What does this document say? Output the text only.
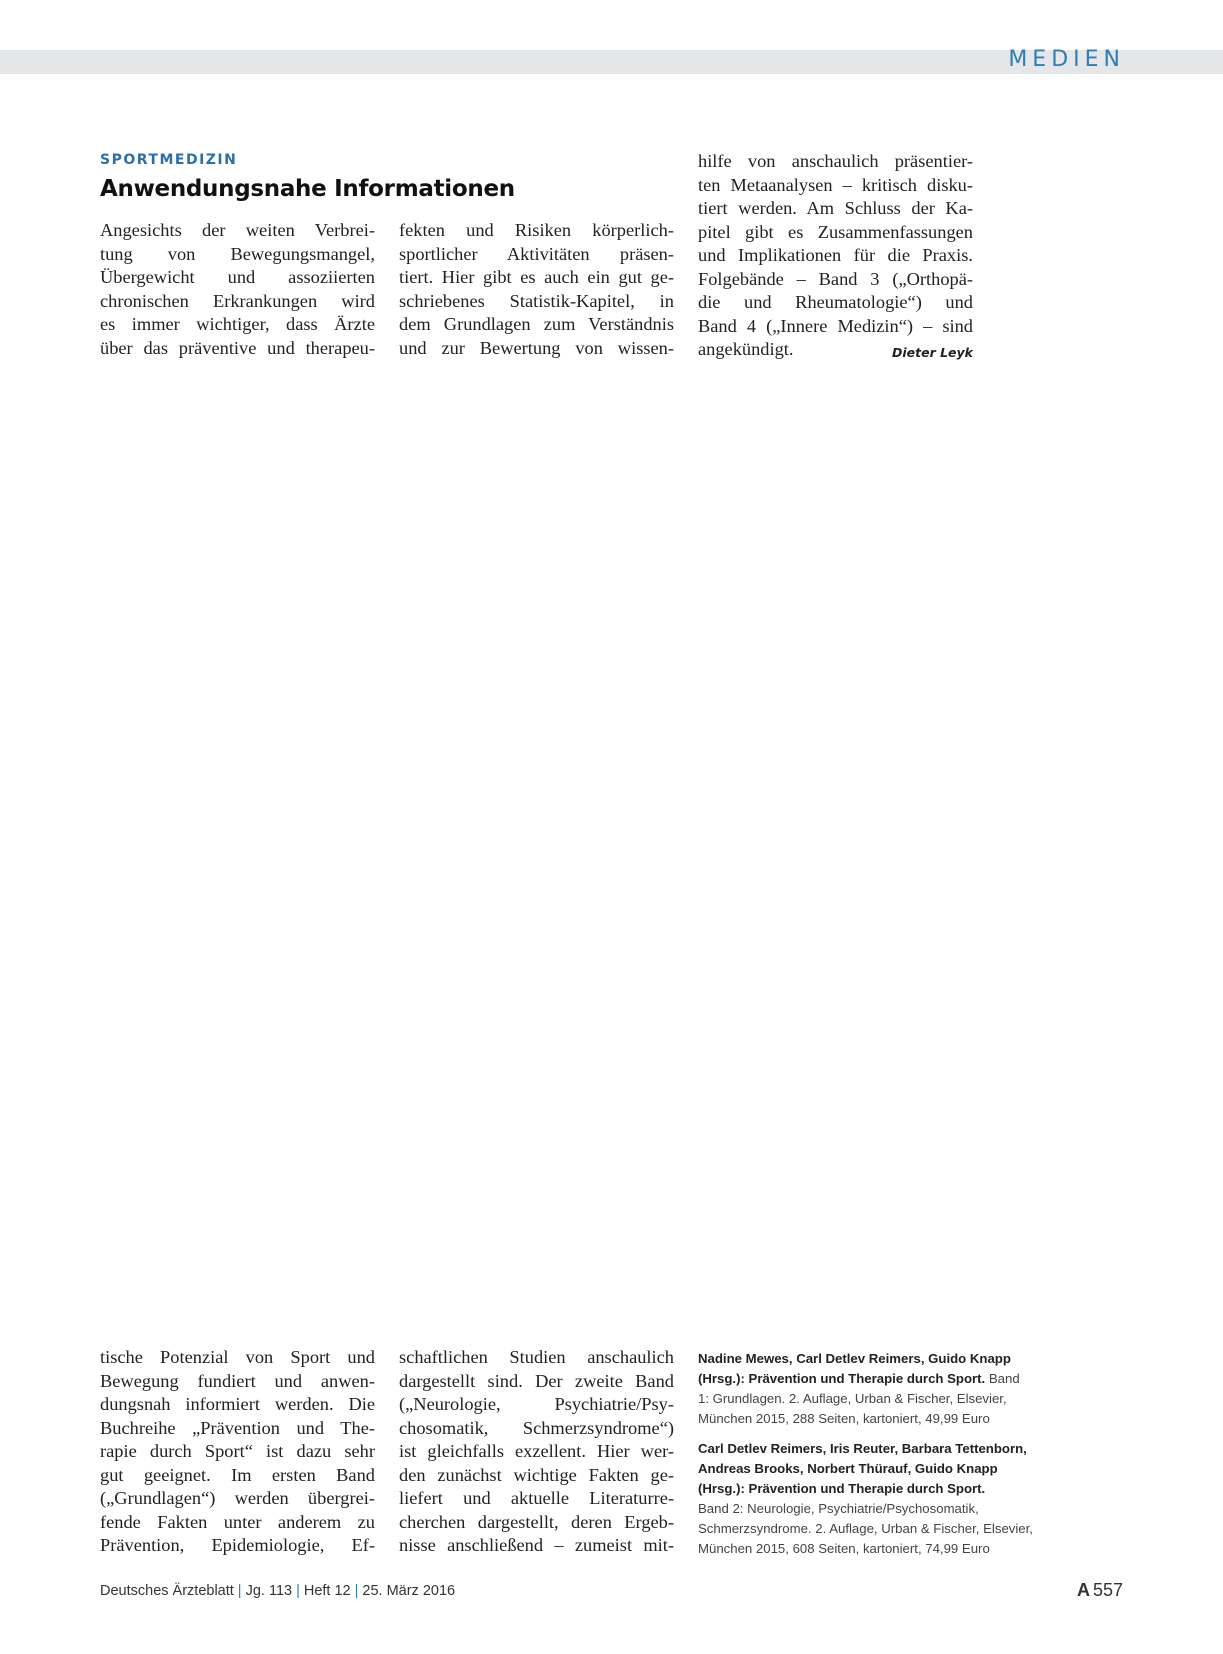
MEDIEN
SPORTMEDIZIN
Anwendungsnahe Informationen
Angesichts der weiten Verbrei-
tung von Bewegungsmangel,
Übergewicht und assoziierten
chronischen Erkrankungen wird
es immer wichtiger, dass Ärzte
über das präventive und therapeu-
fekten und Risiken körperlich-
sportlicher Aktivitäten präsen-
tiert. Hier gibt es auch ein gut ge-
schriebenes Statistik-Kapitel, in
dem Grundlagen zum Verständnis
und zur Bewertung von wissen-
hilfe von anschaulich präsentier-
ten Metaanalysen – kritisch disku-
tiert werden. Am Schluss der Ka-
pitel gibt es Zusammenfassungen
und Implikationen für die Praxis.
Folgebände – Band 3 („Orthopä-
die und Rheumatologie“) und
Band 4 („Innere Medizin“) – sind
angekündigt.	Dieter Leyk
tische Potenzial von Sport und
Bewegung fundiert und anwen-
dungsnah informiert werden. Die
Buchreihe „Prävention und The-
rapie durch Sport“ ist dazu sehr
gut geeignet. Im ersten Band
(„Grundlagen“) werden übergrei-
fende Fakten unter anderem zu
Prävention, Epidemiologie, Ef-
schaftlichen Studien anschaulich
dargestellt sind. Der zweite Band
(„Neurologie, Psychiatrie/Psy-
chosomatik, Schmerzsyndrome“)
ist gleichfalls exzellent. Hier wer-
den zunächst wichtige Fakten ge-
liefert und aktuelle Literaturre-
cherchen dargestellt, deren Ergeb-
nisse anschließend – zumeist mit-
Nadine Mewes, Carl Detlev Reimers, Guido Knapp
(Hrsg.): Prävention und Therapie durch Sport. Band
1: Grundlagen. 2. Auflage, Urban & Fischer, Elsevier,
München 2015, 288 Seiten, kartoniert, 49,99 Euro
Carl Detlev Reimers, Iris Reuter, Barbara Tettenborn,
Andreas Brooks, Norbert Thürauf, Guido Knapp
(Hrsg.): Prävention und Therapie durch Sport.
Band 2: Neurologie, Psychiatrie/Psychosomatik,
Schmerzsyndrome. 2. Auflage, Urban & Fischer, Elsevier,
München 2015, 608 Seiten, kartoniert, 74,99 Euro
Deutsches Ärzteblatt | Jg. 113 | Heft 12 | 25. März 2016	A 557
